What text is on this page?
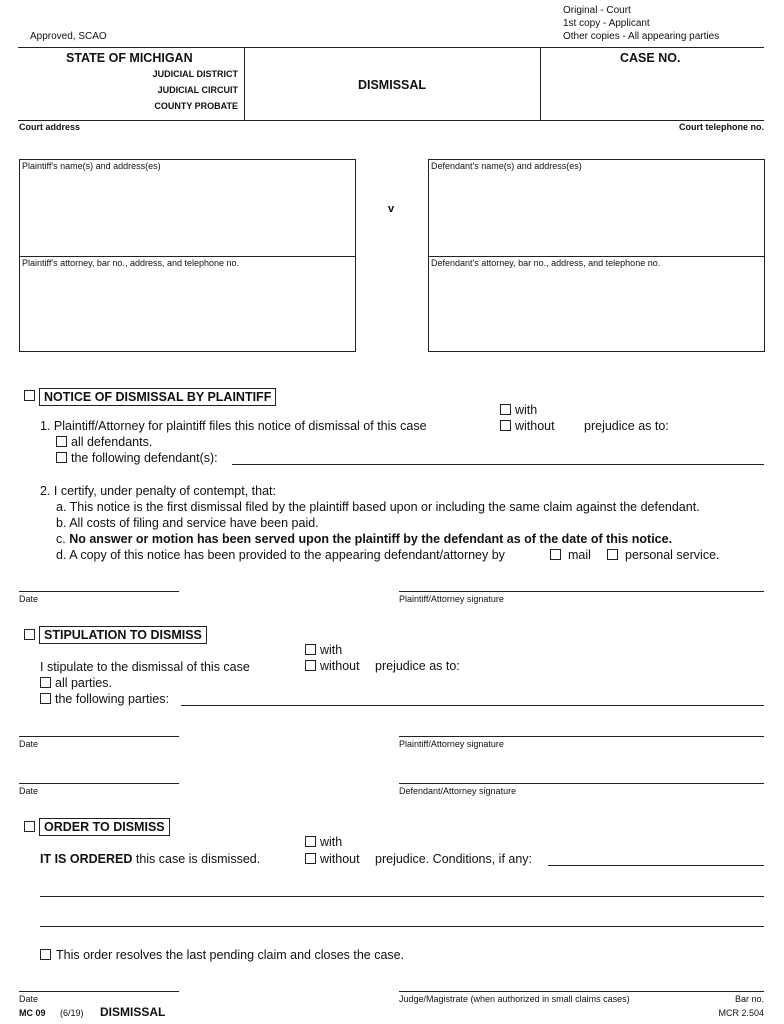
Approved, SCAO
Original - Court
1st copy - Applicant
Other copies - All appearing parties
STATE OF MICHIGAN
JUDICIAL DISTRICT
JUDICIAL CIRCUIT
COUNTY PROBATE
DISMISSAL
CASE NO.
Court address	Court telephone no.
Plaintiff's name(s) and address(es)
Plaintiff's attorney, bar no., address, and telephone no.
v
Defendant's name(s) and address(es)
Defendant's attorney, bar no., address, and telephone no.
NOTICE OF DISMISSAL BY PLAINTIFF
with
without prejudice as to:
1. Plaintiff/Attorney for plaintiff files this notice of dismissal of this case
all defendants.
the following defendant(s):
2. I certify, under penalty of contempt, that:
a. This notice is the first dismissal filed by the plaintiff based upon or including the same claim against the defendant.
b. All costs of filing and service have been paid.
c. No answer or motion has been served upon the plaintiff by the defendant as of the date of this notice.
d. A copy of this notice has been provided to the appearing defendant/attorney by	mail	personal service.
Date	Plaintiff/Attorney signature
STIPULATION TO DISMISS
with
without prejudice as to:
I stipulate to the dismissal of this case
all parties.
the following parties:
Date	Plaintiff/Attorney signature
Date	Defendant/Attorney signature
ORDER TO DISMISS
with
without
IT IS ORDERED this case is dismissed.	prejudice. Conditions, if any:
This order resolves the last pending claim and closes the case.
Date	Judge/Magistrate (when authorized in small claims cases)	Bar no.
MC 09 (6/19) DISMISSAL	MCR 2.504
